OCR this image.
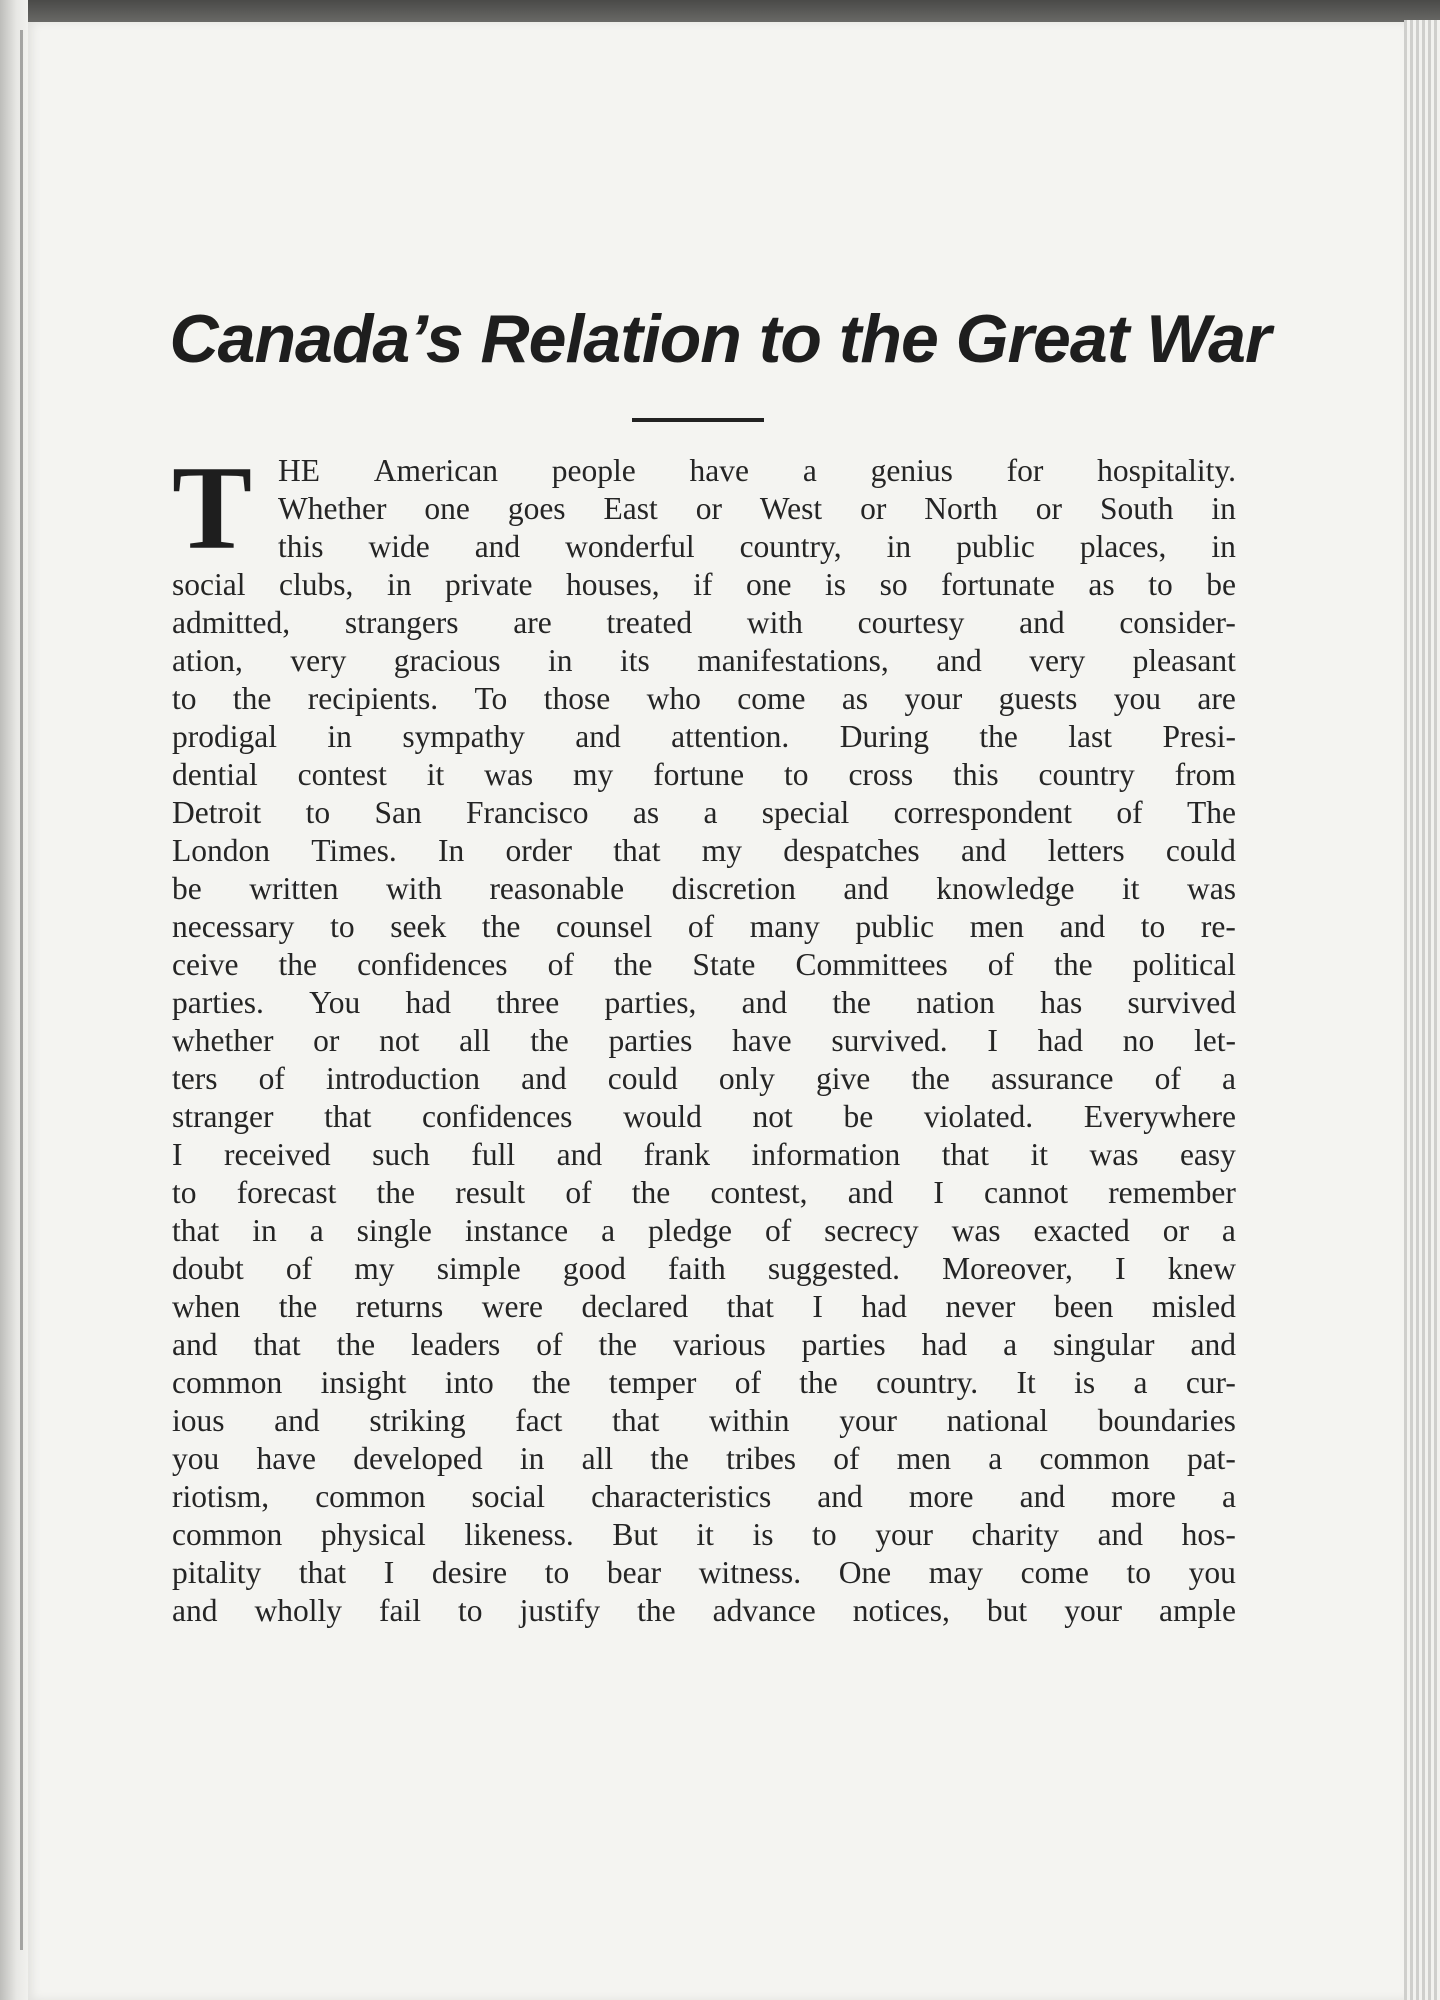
Canada’s Relation to the Great War
T HE American people have a genius for hospitality.
Whether one goes East or West or North or South in
this wide and wonderful country, in public places, in
social clubs, in private houses, if one is so fortunate as to be
admitted, strangers are treated with courtesy and consider-
ation, very gracious in its manifestations, and very pleasant
to the recipients. To those who come as your guests you are
prodigal in sympathy and attention. During the last Presi-
dential contest it was my fortune to cross this country from
Detroit to San Francisco as a special correspondent of The
London Times. In order that my despatches and letters could
be written with reasonable discretion and knowledge it was
necessary to seek the counsel of many public men and to re-
ceive the confidences of the State Committees of the political
parties. You had three parties, and the nation has survived
whether or not all the parties have survived. I had no let-
ters of introduction and could only give the assurance of a
stranger that confidences would not be violated. Everywhere
I received such full and frank information that it was easy
to forecast the result of the contest, and I cannot remember
that in a single instance a pledge of secrecy was exacted or a
doubt of my simple good faith suggested. Moreover, I knew
when the returns were declared that I had never been misled
and that the leaders of the various parties had a singular and
common insight into the temper of the country. It is a cur-
ious and striking fact that within your national boundaries
you have developed in all the tribes of men a common pat-
riotism, common social characteristics and more and more a
common physical likeness. But it is to your charity and hos-
pitality that I desire to bear witness. One may come to you
and wholly fail to justify the advance notices, but your ample
